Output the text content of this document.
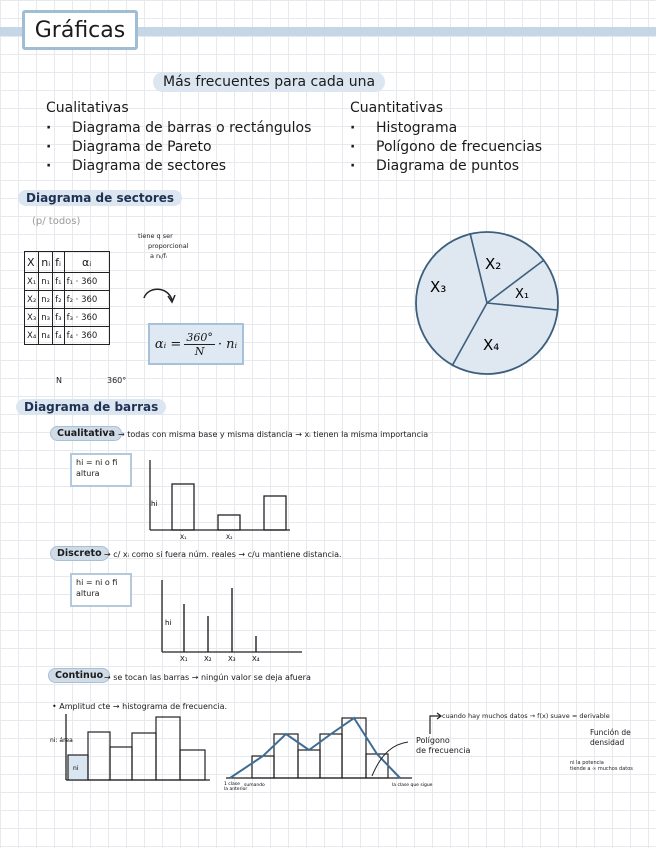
Gráficas
Más frecuentes para cada una
Cualitativas
· Diagrama de barras o rectángulos
· Diagrama de Pareto
· Diagrama de sectores
Cuantitativas
· Histograma
· Polígono de frecuencias
· Diagrama de puntos
Diagrama de sectores
(p/ todos)
tiene q ser
proporcional
a nᵢ/fᵢ
X	nᵢ	fᵢ	αᵢ
X₁	n₁	f₁	f₁ · 360
X₂	n₂	f₂	f₂ · 360
X₃	n₃	f₃	f₃ · 360
X₄	n₄	f₄	f₄ · 360
N	360°
αᵢ = $\frac{360^\circ}{N}$ · nᵢ
X₂
X₁
X₃
X₄
Diagrama de barras
Cualitativa → todas con misma base y misma distancia → xᵢ tienen la misma importancia
hi = ni o fi
altura
hi
X₁	X₂
Discreto → c/ xᵢ como si fuera núm. reales → c/u mantiene distancia.
hi = ni o fi
altura
hi
X₁ X₂ X₃ X₄
Continuo → se tocan las barras → ningún valor se deja afuera
• Amplitud cte → histograma de frecuencia.
ni: área
ni
1 clase
la anterior
sumando	la clase que sigue
cuando hay muchos datos → f(x) suave = derivable
Polígono
de frecuencia
Función de
densidad
ni la potencia
tiende a ∞ muchos datos
